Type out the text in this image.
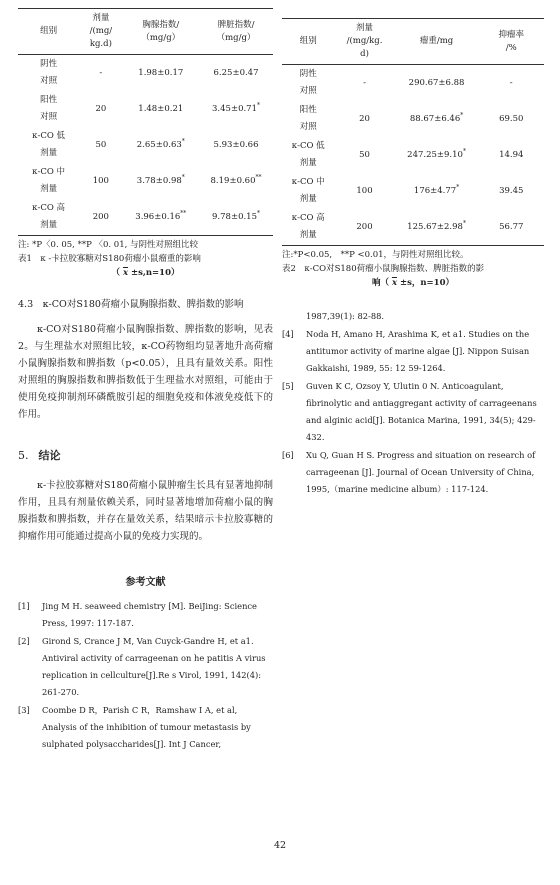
组别	剂量
/(mg/
kg.d)	胸腺指数/
（mg/g）	脾脏指数/
（mg/g）
阴性
对照	-	1.98±0.17	6.25±0.47
阳性
对照	20	1.48±0.21	3.45±0.71*
κ-CO 低
剂量	50	2.65±0.63*	5.93±0.66
κ-CO 中
剂量	100	3.78±0.98*	8.19±0.60**
κ-CO 高
剂量	200	3.96±0.16**	9.78±0.15*
注: *P〈0. 05, **P 〈0. 01, 与阴性对照组比较
表1　κ -卡拉胶寡糖对S180荷瘤小鼠瘤重的影响
（ $\overline{x} \pm s,n=10$）
4.3　κ-CO对S180荷瘤小鼠胸腺指数、脾指数的影响

κ-CO对S180荷瘤小鼠胸腺指数、脾指数的影响，见表2。与生理盐水对照组比较，κ-CO药物组均显著地升高荷瘤小鼠胸腺指数和脾指数（p<0.05），且具有量效关系。阳性对照组的胸腺指数和脾指数低于生理盐水对照组，可能由于使用免疫抑制剂环磷酰胺引起的细胞免疫和体液免疫低下的作用。

5. 结论

κ-卡拉胶寡糖对S180荷瘤小鼠肿瘤生长具有显著地抑制作用，且具有剂量依赖关系，同时显著地增加荷瘤小鼠的胸腺指数和脾指数，并存在量效关系，结果暗示卡拉胶寡糖的抑瘤作用可能通过提高小鼠的免疫力实现的。

参考文献
[1] Jing M H. seaweed chemistry [M]. BeiJing: Science Press, 1997: 117-187.
[2] Girond S, Crance J M, Van Cuyck-Gandre H, et a1. Antiviral activity of carrageenan on he patitis A virus replication in cellculture[J].Re s Virol, 1991, 142(4): 261-270.
[3] Coombe D R，Parish C R，Ramshaw I A, et al, Analysis of the inhibition of tumour metastasis by sulphated polysaccharides[J]. Int J Cancer,
组别	剂量
/(mg/kg.
d)	瘤重/mg	抑瘤率
/%
阴性
对照	-	290.67±6.88	-
阳性
对照	20	88.67±6.46*	69.50
κ-CO 低
剂量	50	247.25±9.10*	14.94
κ-CO 中
剂量	100	176±4.77*	39.45
κ-CO 高
剂量	200	125.67±2.98*	56.77
注:*P<0.05,　**P <0.01，与阴性对照组比较。
表2　κ-CO对S180荷瘤小鼠胸腺指数、脾脏指数的影
响（ $\overline{x} \pm s$，n=10）
1987,39(1): 82-88.
[4] Noda H, Amano H, Arashima K, et a1. Studies on the antitumor activity of marine algae [J]. Nippon Suisan Gakkaishi, 1989, 55: 12 59-1264.
[5] Guven K C, Ozsoy Y, Ulutin 0 N. Anticoagulant, fibrinolytic and antiaggregant activity of carrageenans and alginic acid[J]. Botanica Marina, 1991, 34(5); 429-432.
[6] Xu Q, Guan H S. Progress and situation on research of carrageenan [J]. Journal of Ocean University of China, 1995,（marine medicine album）: 117-124.
42
